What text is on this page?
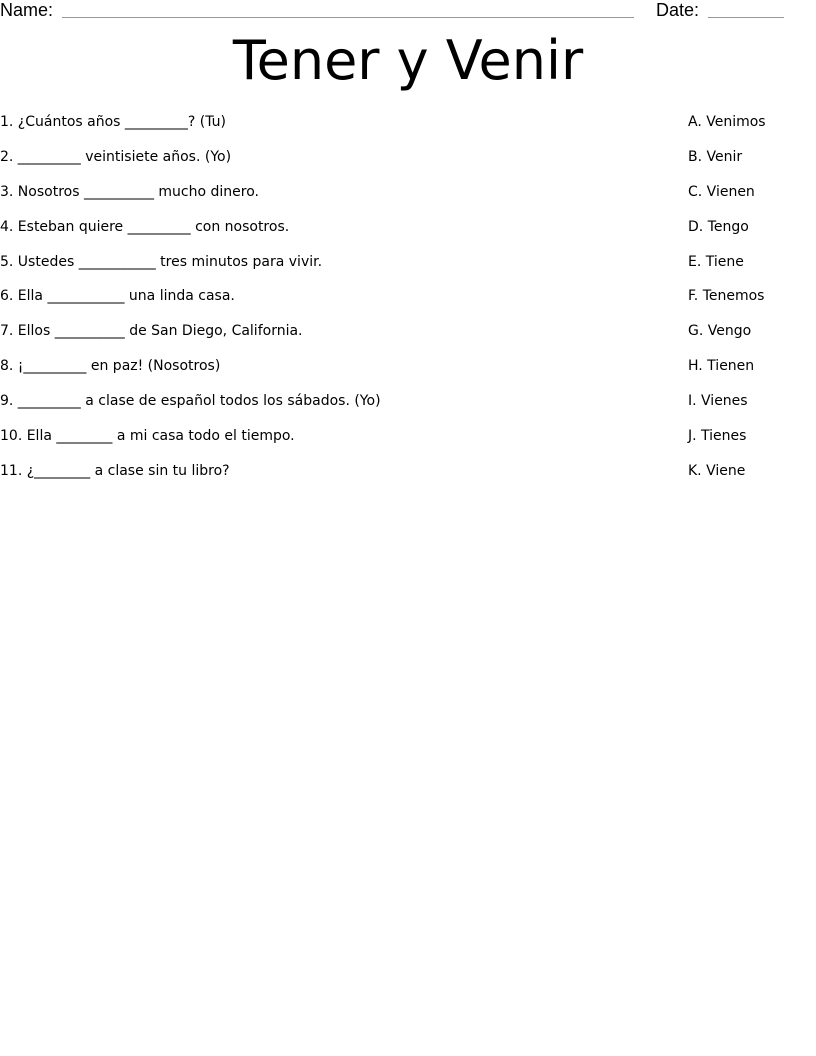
Name:	Date:
Tener y Venir
1. ¿Cuántos años _________? (Tu)
2. _________ veintisiete años. (Yo)
3. Nosotros __________ mucho dinero.
4. Esteban quiere _________ con nosotros.
5. Ustedes ___________ tres minutos para vivir.
6. Ella ___________ una linda casa.
7. Ellos __________ de San Diego, California.
8. ¡_________ en paz! (Nosotros)
9. _________ a clase de español todos los sábados. (Yo)
10. Ella ________ a mi casa todo el tiempo.
11. ¿________ a clase sin tu libro?
A. Venimos
B. Venir
C. Vienen
D. Tengo
E. Tiene
F. Tenemos
G. Vengo
H. Tienen
I. Vienes
J. Tienes
K. Viene
